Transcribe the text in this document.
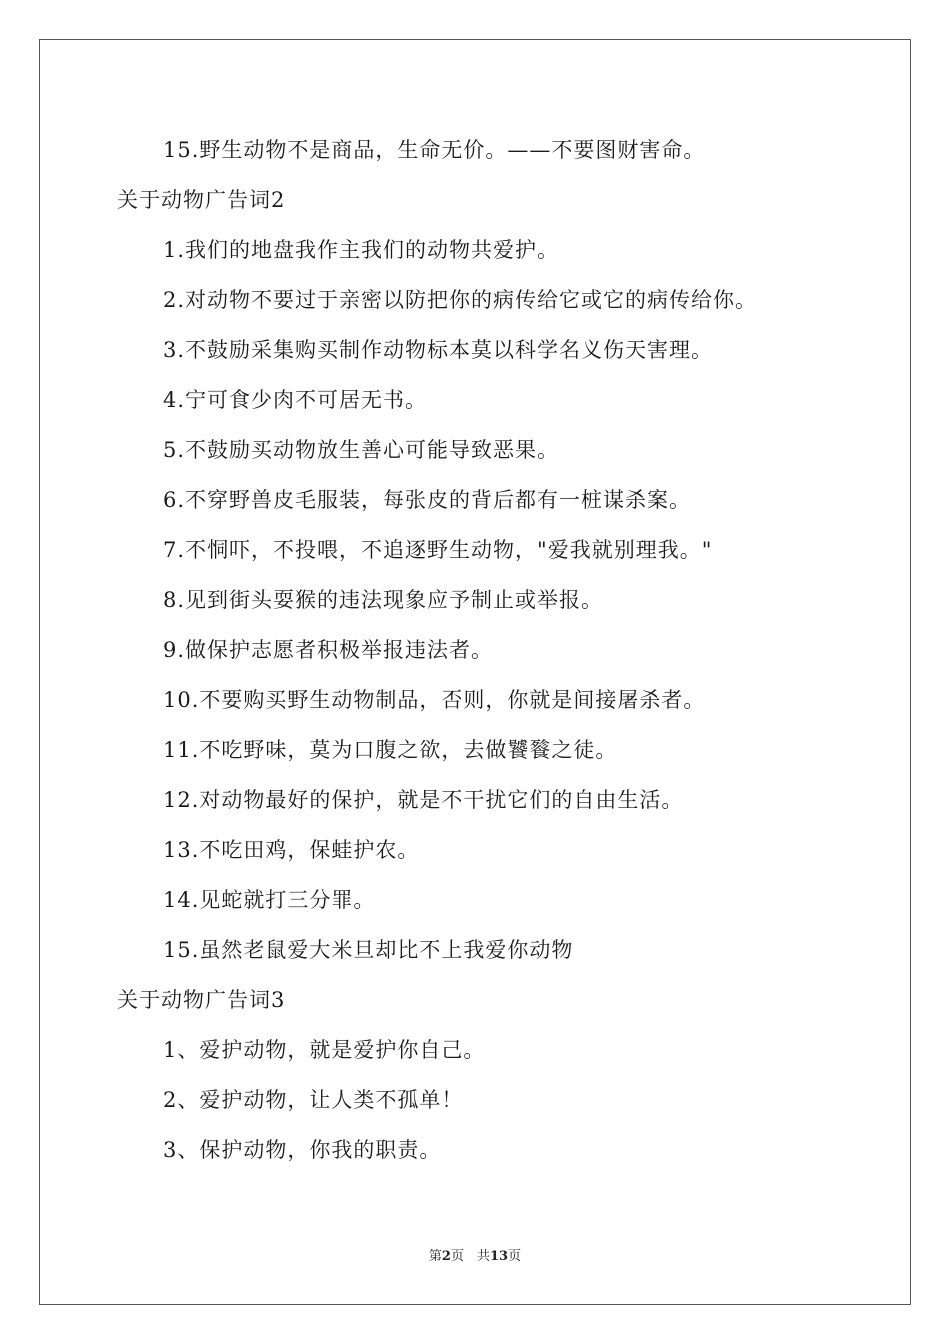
15.野生动物不是商品，生命无价。——不要图财害命。
关于动物广告词2
1.我们的地盘我作主我们的动物共爱护。
2.对动物不要过于亲密以防把你的病传给它或它的病传给你。
3.不鼓励采集购买制作动物标本莫以科学名义伤天害理。
4.宁可食少肉不可居无书。
5.不鼓励买动物放生善心可能导致恶果。
6.不穿野兽皮毛服装，每张皮的背后都有一桩谋杀案。
7.不恫吓，不投喂，不追逐野生动物，"爱我就别理我。"
8.见到街头耍猴的违法现象应予制止或举报。
9.做保护志愿者积极举报违法者。
10.不要购买野生动物制品，否则，你就是间接屠杀者。
11.不吃野味，莫为口腹之欲，去做饕餮之徒。
12.对动物最好的保护，就是不干扰它们的自由生活。
13.不吃田鸡，保蛙护农。
14.见蛇就打三分罪。
15.虽然老鼠爱大米旦却比不上我爱你动物
关于动物广告词3
1、爱护动物，就是爱护你自己。
2、爱护动物，让人类不孤单！
3、保护动物，你我的职责。
第2页　共13页
